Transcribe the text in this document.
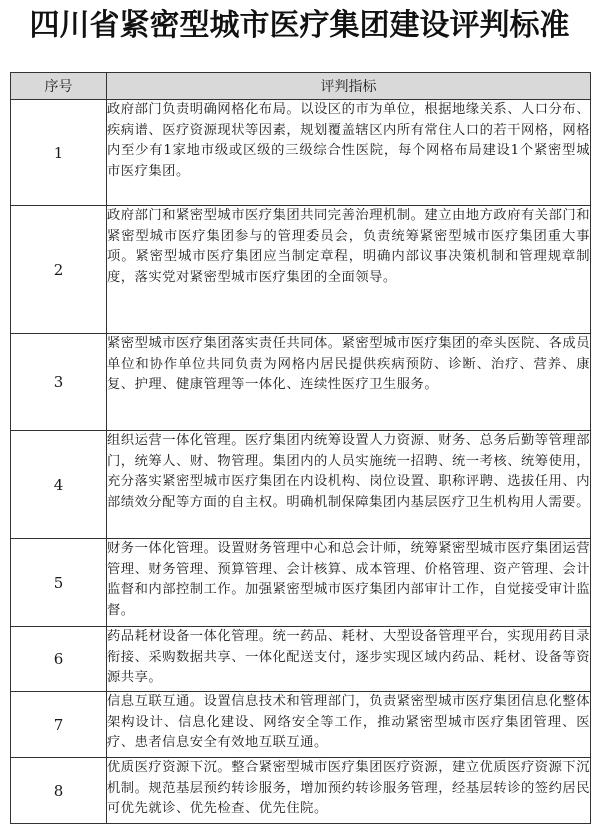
四川省紧密型城市医疗集团建设评判标准
序号	评判指标
1	政府部门负责明确网格化布局。以设区的市为单位，根据地缘关系、人口分布、疾病谱、医疗资源现状等因素，规划覆盖辖区内所有常住人口的若干网格，网格内至少有1家地市级或区级的三级综合性医院，每个网格布局建设1个紧密型城市医疗集团。
2	政府部门和紧密型城市医疗集团共同完善治理机制。建立由地方政府有关部门和紧密型城市医疗集团参与的管理委员会，负责统筹紧密型城市医疗集团重大事项。紧密型城市医疗集团应当制定章程，明确内部议事决策机制和管理规章制度，落实党对紧密型城市医疗集团的全面领导。
3	紧密型城市医疗集团落实责任共同体。紧密型城市医疗集团的牵头医院、各成员单位和协作单位共同负责为网格内居民提供疾病预防、诊断、治疗、营养、康复、护理、健康管理等一体化、连续性医疗卫生服务。
4	组织运营一体化管理。医疗集团内统筹设置人力资源、财务、总务后勤等管理部门，统筹人、财、物管理。集团内的人员实施统一招聘、统一考核、统筹使用，充分落实紧密型城市医疗集团在内设机构、岗位设置、职称评聘、选拔任用、内部绩效分配等方面的自主权。明确机制保障集团内基层医疗卫生机构用人需要。
5	财务一体化管理。设置财务管理中心和总会计师，统筹紧密型城市医疗集团运营管理、财务管理、预算管理、会计核算、成本管理、价格管理、资产管理、会计监督和内部控制工作。加强紧密型城市医疗集团内部审计工作，自觉接受审计监督。
6	药品耗材设备一体化管理。统一药品、耗材、大型设备管理平台，实现用药目录衔接、采购数据共享、一体化配送支付，逐步实现区域内药品、耗材、设备等资源共享。
7	信息互联互通。设置信息技术和管理部门，负责紧密型城市医疗集团信息化整体架构设计、信息化建设、网络安全等工作，推动紧密型城市医疗集团管理、医疗、患者信息安全有效地互联互通。
8	优质医疗资源下沉。整合紧密型城市医疗集团医疗资源，建立优质医疗资源下沉机制。规范基层预约转诊服务，增加预约转诊服务管理，经基层转诊的签约居民可优先就诊、优先检查、优先住院。
